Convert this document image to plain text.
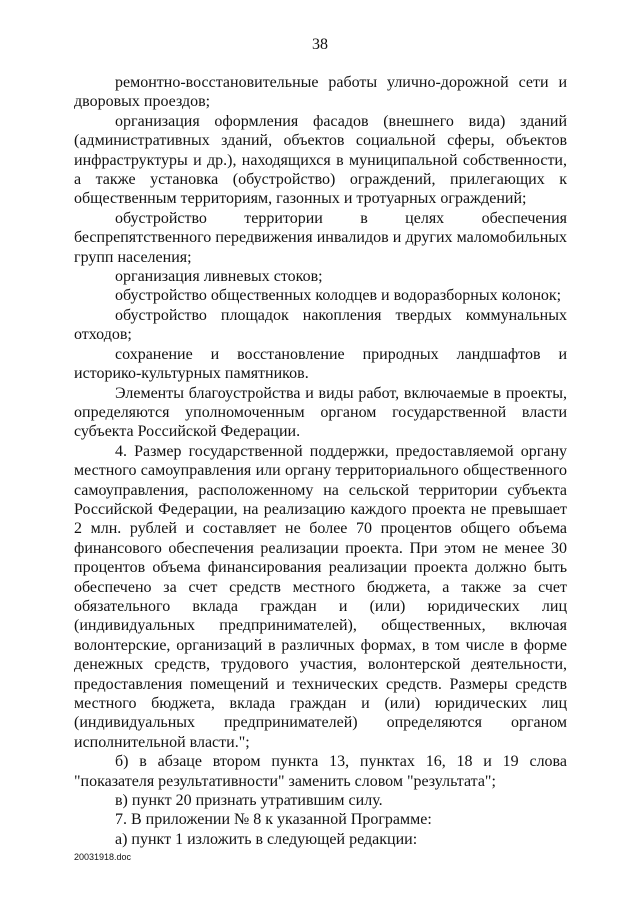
38

ремонтно-восстановительные работы улично-дорожной сети и дворовых проездов;

организация оформления фасадов (внешнего вида) зданий (административных зданий, объектов социальной сферы, объектов инфраструктуры и др.), находящихся в муниципальной собственности, а также установка (обустройство) ограждений, прилегающих к общественным территориям, газонных и тротуарных ограждений;

обустройство территории в целях обеспечения беспрепятственного передвижения инвалидов и других маломобильных групп населения;

организация ливневых стоков;

обустройство общественных колодцев и водоразборных колонок;

обустройство площадок накопления твердых коммунальных отходов;

сохранение и восстановление природных ландшафтов и историко-культурных памятников.

Элементы благоустройства и виды работ, включаемые в проекты, определяются уполномоченным органом государственной власти субъекта Российской Федерации.

4. Размер государственной поддержки, предоставляемой органу местного самоуправления или органу территориального общественного самоуправления, расположенному на сельской территории субъекта Российской Федерации, на реализацию каждого проекта не превышает 2 млн. рублей и составляет не более 70 процентов общего объема финансового обеспечения реализации проекта. При этом не менее 30 процентов объема финансирования реализации проекта должно быть обеспечено за счет средств местного бюджета, а также за счет обязательного вклада граждан и (или) юридических лиц (индивидуальных предпринимателей), общественных, включая волонтерские, организаций в различных формах, в том числе в форме денежных средств, трудового участия, волонтерской деятельности, предоставления помещений и технических средств. Размеры средств местного бюджета, вклада граждан и (или) юридических лиц (индивидуальных предпринимателей) определяются органом исполнительной власти.";

б) в абзаце втором пункта 13, пунктах 16, 18 и 19 слова "показателя результативности" заменить словом "результата";

в) пункт 20 признать утратившим силу.

7. В приложении № 8 к указанной Программе:

а) пункт 1 изложить в следующей редакции:

20031918.doc
